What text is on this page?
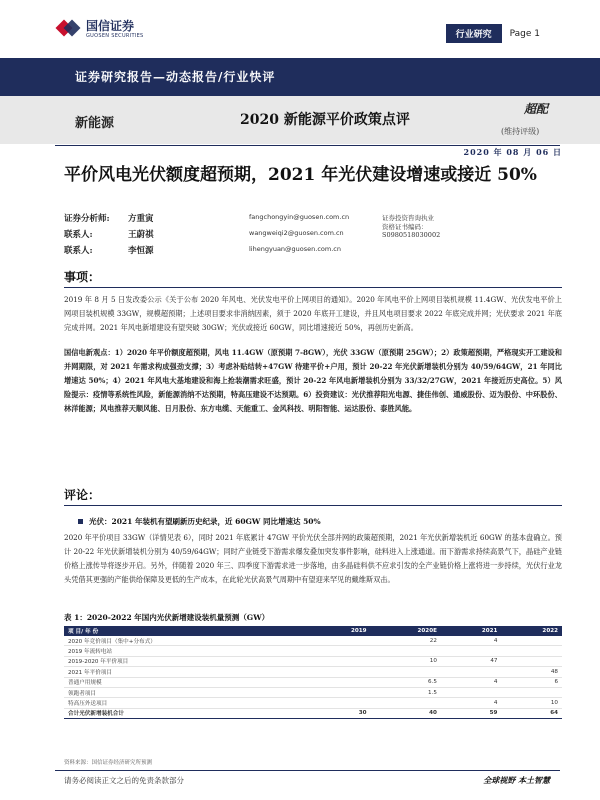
国信证券
GUOSEN SECURITIES	行业研究	Page 1
证券研究报告—动态报告/行业快评
新能源	2020 新能源平价政策点评
超配
(维持评级)
2020 年 08 月 06 日
平价风电光伏额度超预期，2021 年光伏建设增速或接近 50%
证券分析师: 方重寅	fangchongyin@guosen.com.cn	证券投资咨询执业资格证书编码： S0980518030002
联系人:	王蔚祺	wangweiqi2@guosen.com.cn
联系人:	李恒源	lihengyuan@guosen.com.cn
事项：
2019 年 8 月 5 日发改委公示《关于公布 2020 年风电、光伏发电平价上网项目的通知》。2020 年风电平价上网项目装机规模 11.4GW、光伏发电平价上网项目装机规模 33GW，规模超预期；上述项目要求非消纳因素，须于 2020 年底开工建设，并且风电项目要求 2022 年底完成并网；光伏要求 2021 年底完成并网。2021 年风电新增建设有望突破 30GW；光伏或接近 60GW，同比增速接近 50%，再创历史新高。
国信电新观点：1）2020 年平价额度超预期，风电 11.4GW（原预期 7-8GW），光伏 33GW（原预期 25GW）；2）政策超预期，严格现实开工建设和并网期限，对 2021 年需求构成强劲支撑；3）考虑补贴结转+47GW 待建平价+户用，预计 20-22 年光伏新增装机分别为 40/59/64GW，21 年同比增速达 50%；4）2021 年风电大基地建设和海上抢装潮需求旺盛，预计 20-22 年风电新增装机分别为 33/32/27GW，2021 年接近历史高位。5）风险提示：疫情等系统性风险，新能源消纳不达预期，特高压建设不达预期。6）投资建议：光伏推荐阳光电源、捷佳伟创、通威股份、迈为股份、中环股份、林洋能源；风电推荐天顺风能、日月股份、东方电缆、天能重工、金风科技、明阳智能、运达股份、泰胜风能。
评论：
光伏：2021 年装机有望刷新历史纪录，近 60GW 同比增速达 50%
2020 年平价项目 33GW（详情见表 6），同时 2021 年底累计 47GW 平价光伏全部并网的政策超预期，2021 年光伏新增装机近 60GW 的基本盘确立。预计 20-22 年光伏新增装机分别为 40/59/64GW；同时产业链受下游需求爆发叠加突发事件影响，硅料进入上涨通道。而下游需求持续高景气下，晶硅产业链价格上涨传导将逐步开启。另外，伴随着 2020 年三、四季度下游需求进一步落地，由多晶硅料供不应求引发的全产业链价格上涨将进一步持续，光伏行业龙头凭借其更强的产能供给保障及更低的生产成本，在此轮光伏高景气周期中有望迎来罕见的戴维斯双击。
表 1：2020-2022 年国内光伏新增建设装机量预测（GW）
项 目/ 年 份	2019	2020E	2021	2022
2020 年竞价项目（集中+分布式）		22	4	
2019 年流转电站				
2019-2020 年平价项目		10	47	
2021 年平价项目				48
普通户用规模		6.5	4	6
领跑者项目		1.5		
特高压外送项目			4	10
合计光伏新增装机合计	30	40	59	64
资料来源：国信证券经济研究所预测
请务必阅读正文之后的免责条款部分	全球视野 本土智慧
